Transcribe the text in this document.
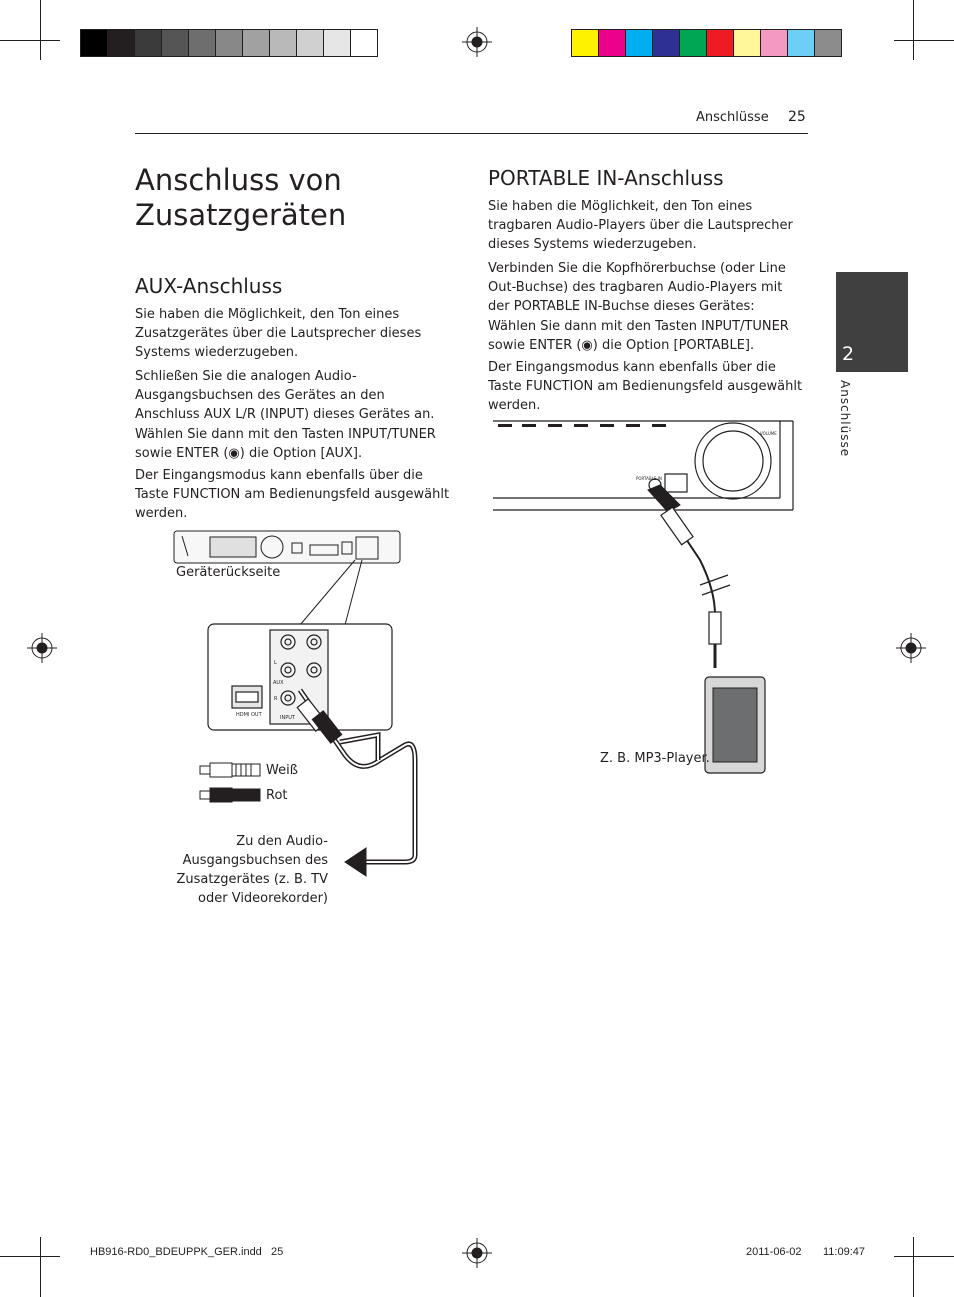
HDMI OUT
AUX
INPUT
L
R
PORTABLE IN
VOLUME
Anschlüsse 25
Anschluss von Zusatzgeräten
AUX-Anschluss

Sie haben die Möglichkeit, den Ton eines Zusatzgerätes über die Lautsprecher dieses Systems wiederzugeben.

Schließen Sie die analogen Audio-Ausgangsbuchsen des Gerätes an den Anschluss AUX L/R (INPUT) dieses Gerätes an. Wählen Sie dann mit den Tasten INPUT/TUNER sowie ENTER (◉) die Option [AUX].

Der Eingangsmodus kann ebenfalls über die Taste FUNCTION am Bedienungsfeld ausgewählt werden.

Geräterückseite
Weiß
Rot
Zu den Audio-Ausgangsbuchsen des Zusatzgerätes (z. B. TV oder Videorekorder)
PORTABLE IN-Anschluss

Sie haben die Möglichkeit, den Ton eines tragbaren Audio-Players über die Lautsprecher dieses Systems wiederzugeben.

Verbinden Sie die Kopfhörerbuchse (oder Line Out-Buchse) des tragbaren Audio-Players mit der PORTABLE IN-Buchse dieses Gerätes: Wählen Sie dann mit den Tasten INPUT/TUNER sowie ENTER (◉) die Option [PORTABLE].

Der Eingangsmodus kann ebenfalls über die Taste FUNCTION am Bedienungsfeld ausgewählt werden.

Z. B. MP3-Player.
2
Anschlüsse
HB916-RD0_BDEUPPK_GER.indd   25	2011-06-02 11:09:47
